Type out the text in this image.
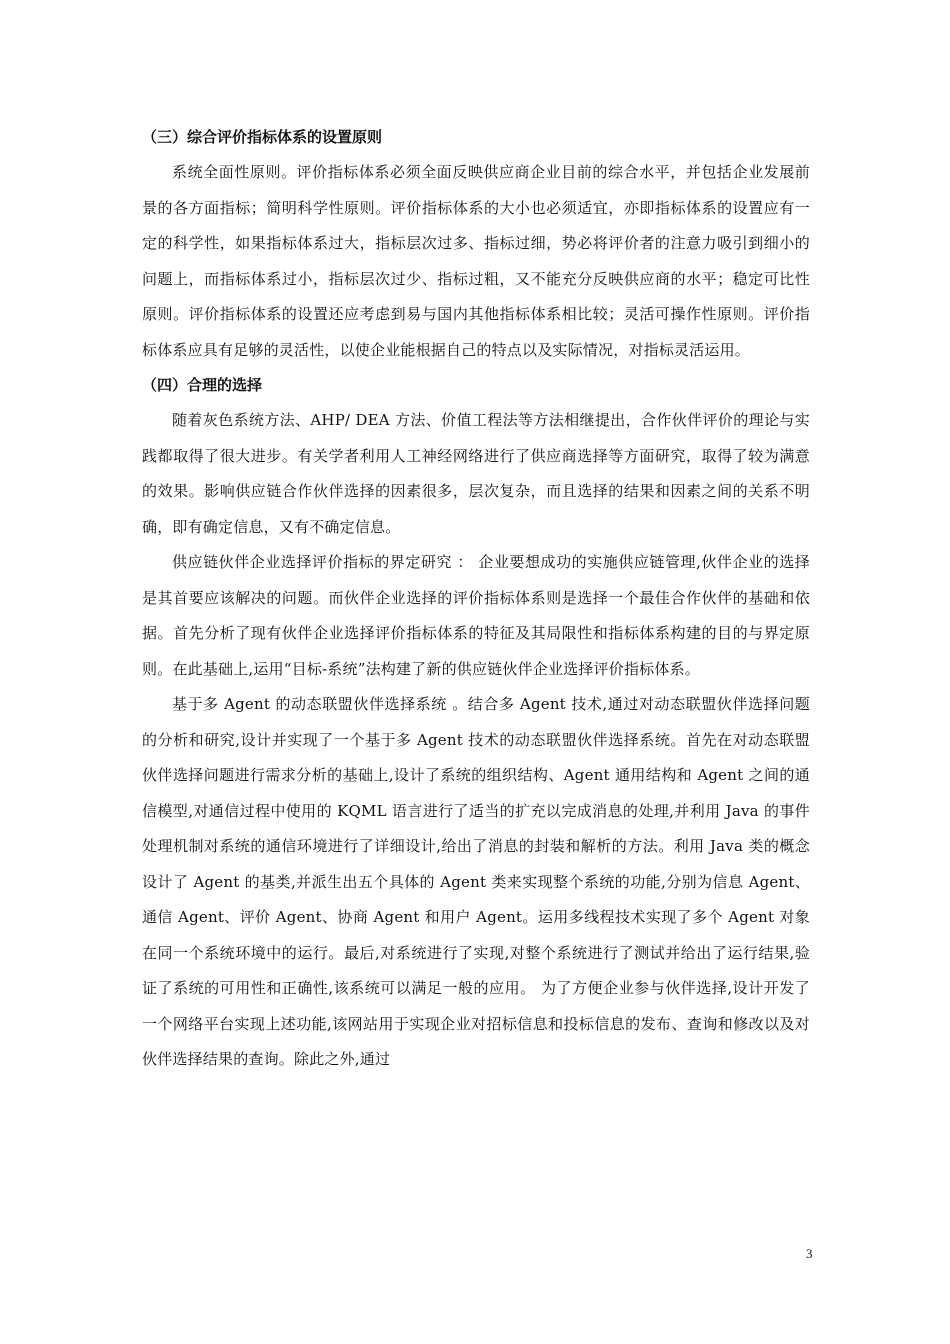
（三）综合评价指标体系的设置原则

系统全面性原则。评价指标体系必须全面反映供应商企业目前的综合水平，并包括企业发展前景的各方面指标；简明科学性原则。评价指标体系的大小也必须适宜，亦即指标体系的设置应有一定的科学性，如果指标体系过大，指标层次过多、指标过细，势必将评价者的注意力吸引到细小的问题上，而指标体系过小，指标层次过少、指标过粗，又不能充分反映供应商的水平；稳定可比性原则。评价指标体系的设置还应考虑到易与国内其他指标体系相比较；灵活可操作性原则。评价指标体系应具有足够的灵活性，以使企业能根据自己的特点以及实际情况，对指标灵活运用。

（四）合理的选择

随着灰色系统方法、AHP/ DEA 方法、价值工程法等方法相继提出，合作伙伴评价的理论与实践都取得了很大进步。有关学者利用人工神经网络进行了供应商选择等方面研究，取得了较为满意的效果。影响供应链合作伙伴选择的因素很多，层次复杂，而且选择的结果和因素之间的关系不明确，即有确定信息，又有不确定信息。

供应链伙伴企业选择评价指标的界定研究 ： 企业要想成功的实施供应链管理,伙伴企业的选择是其首要应该解决的问题。而伙伴企业选择的评价指标体系则是选择一个最佳合作伙伴的基础和依据。首先分析了现有伙伴企业选择评价指标体系的特征及其局限性和指标体系构建的目的与界定原则。在此基础上,运用“目标-系统”法构建了新的供应链伙伴企业选择评价指标体系。

基于多 Agent 的动态联盟伙伴选择系统 。结合多 Agent 技术,通过对动态联盟伙伴选择问题的分析和研究,设计并实现了一个基于多 Agent 技术的动态联盟伙伴选择系统。首先在对动态联盟伙伴选择问题进行需求分析的基础上,设计了系统的组织结构、Agent 通用结构和 Agent 之间的通信模型,对通信过程中使用的 KQML 语言进行了适当的扩充以完成消息的处理,并利用 Java 的事件处理机制对系统的通信环境进行了详细设计,给出了消息的封装和解析的方法。利用 Java 类的概念设计了 Agent 的基类,并派生出五个具体的 Agent 类来实现整个系统的功能,分别为信息 Agent、通信 Agent、评价 Agent、协商 Agent 和用户 Agent。运用多线程技术实现了多个 Agent 对象在同一个系统环境中的运行。最后,对系统进行了实现,对整个系统进行了测试并给出了运行结果,验证了系统的可用性和正确性,该系统可以满足一般的应用。 为了方便企业参与伙伴选择,设计开发了一个网络平台实现上述功能,该网站用于实现企业对招标信息和投标信息的发布、查询和修改以及对伙伴选择结果的查询。除此之外,通过

3
